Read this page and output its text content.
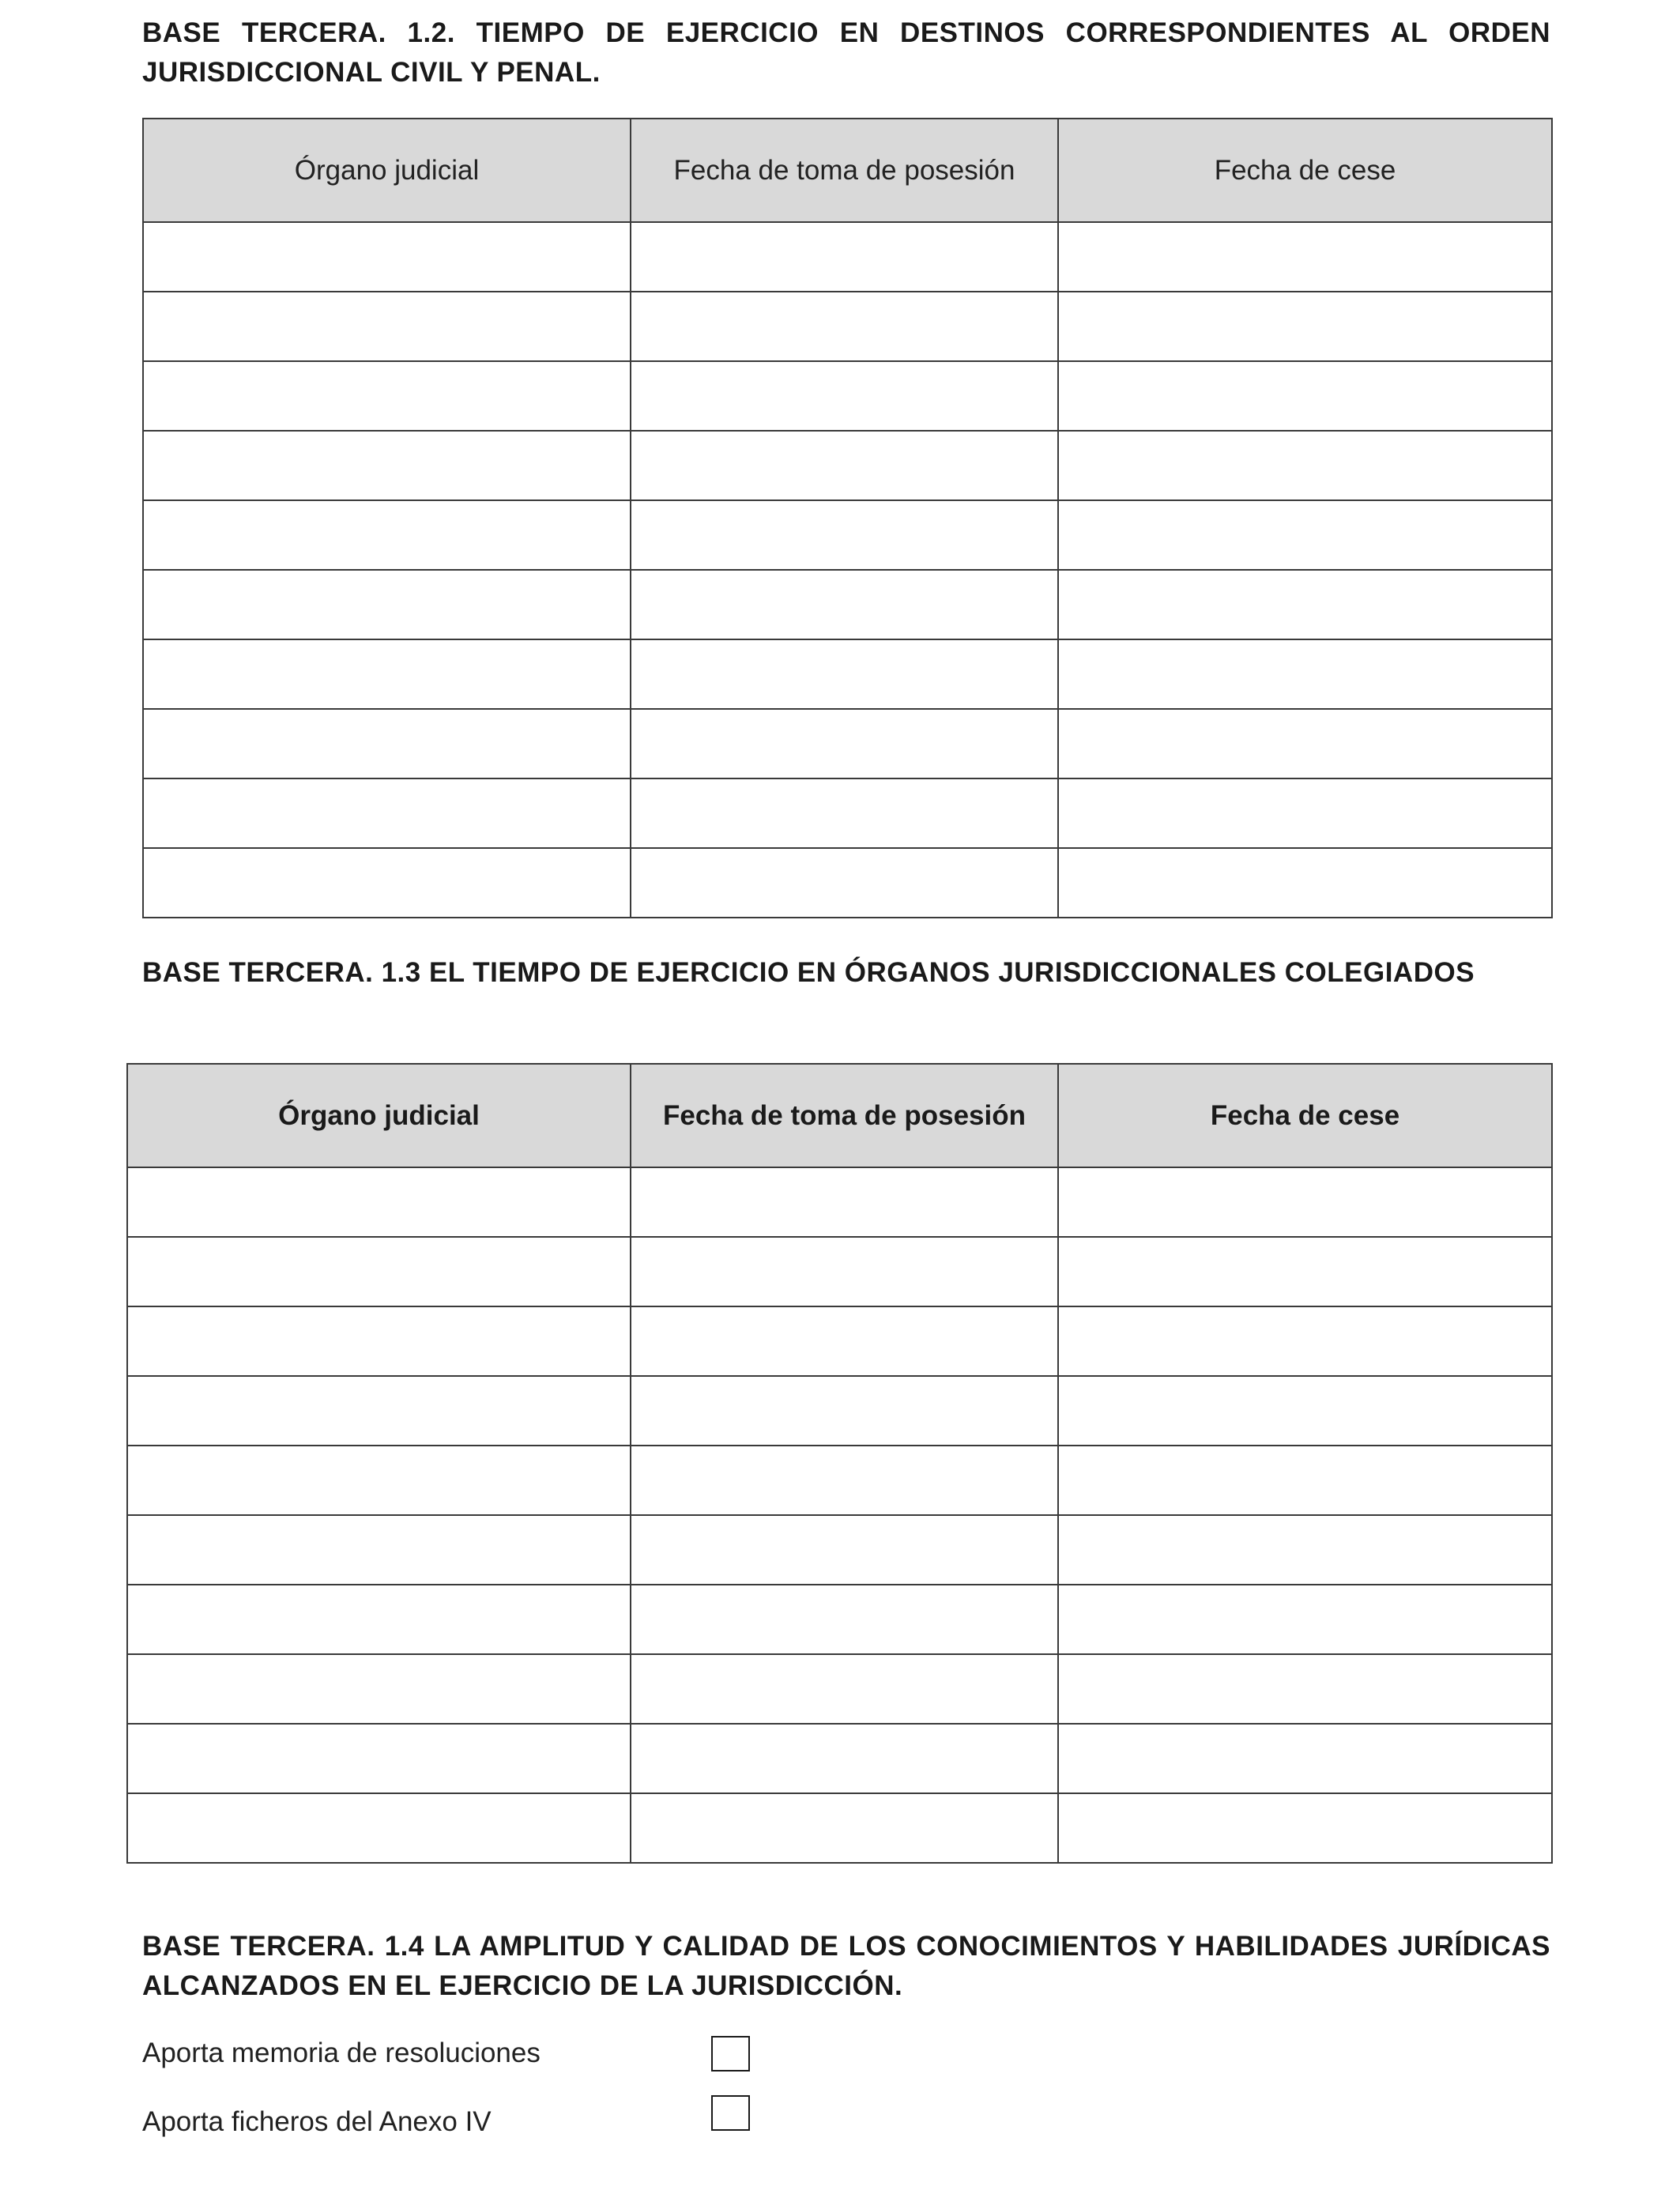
BASE TERCERA. 1.2. TIEMPO DE EJERCICIO EN DESTINOS CORRESPONDIENTES AL ORDEN JURISDICCIONAL CIVIL Y PENAL.

Órgano judicial	Fecha de toma de posesión	Fecha de cese

BASE TERCERA. 1.3 EL TIEMPO DE EJERCICIO EN ÓRGANOS JURISDICCIONALES COLEGIADOS

Órgano judicial	Fecha de toma de posesión	Fecha de cese

BASE TERCERA. 1.4 LA AMPLITUD Y CALIDAD DE LOS CONOCIMIENTOS Y HABILIDADES JURÍDICAS ALCANZADOS EN EL EJERCICIO DE LA JURISDICCIÓN.

Aporta memoria de resoluciones
Aporta ficheros del Anexo IV
